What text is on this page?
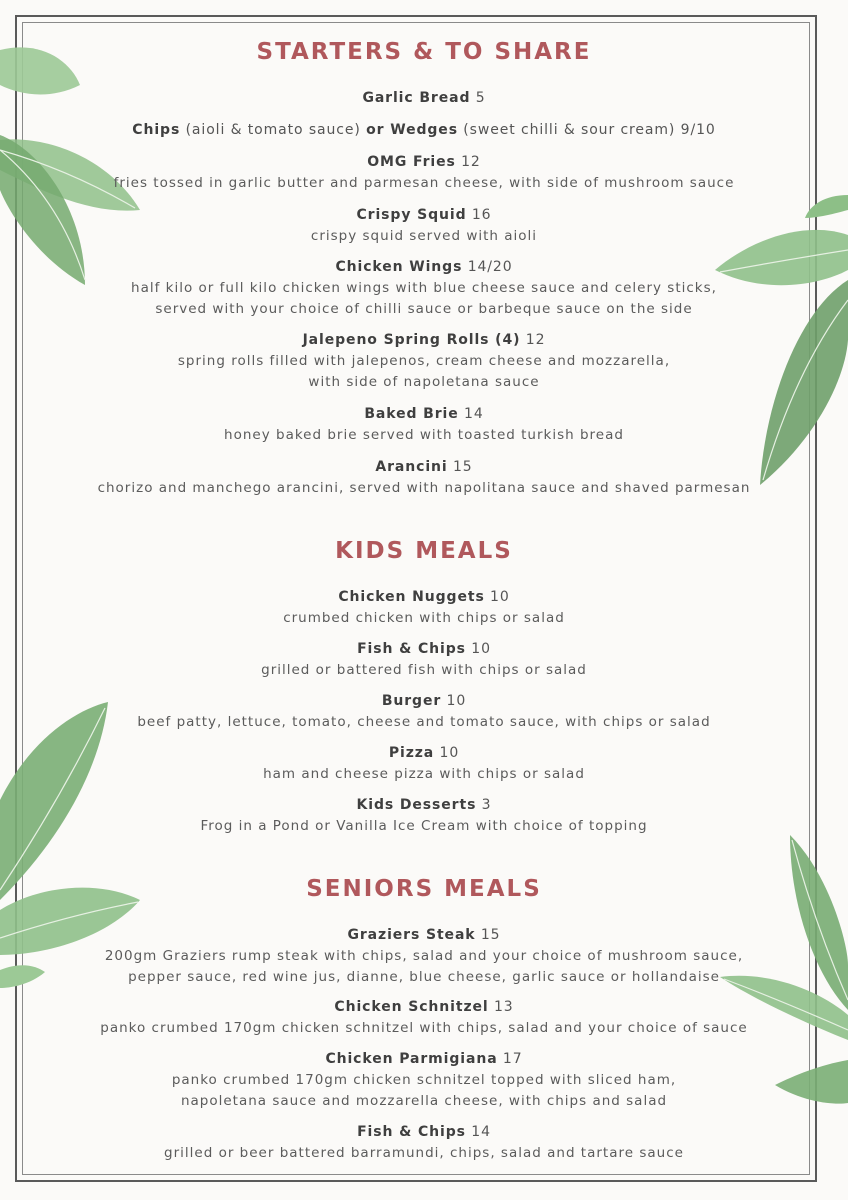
STARTERS & TO SHARE
Garlic Bread 5
Chips (aioli & tomato sauce) or Wedges (sweet chilli & sour cream) 9/10
OMG Fries 12
fries tossed in garlic butter and parmesan cheese, with side of mushroom sauce
Crispy Squid 16
crispy squid served with aioli
Chicken Wings 14/20
half kilo or full kilo chicken wings with blue cheese sauce and celery sticks,
served with your choice of chilli sauce or barbeque sauce on the side
Jalepeno Spring Rolls (4) 12
spring rolls filled with jalepenos, cream cheese and mozzarella,
with side of napoletana sauce
Baked Brie 14
honey baked brie served with toasted turkish bread
Arancini 15
chorizo and manchego arancini, served with napolitana sauce and shaved parmesan
KIDS MEALS
Chicken Nuggets 10
crumbed chicken with chips or salad
Fish & Chips 10
grilled or battered fish with chips or salad
Burger 10
beef patty, lettuce, tomato, cheese and tomato sauce, with chips or salad
Pizza 10
ham and cheese pizza with chips or salad
Kids Desserts 3
Frog in a Pond or Vanilla Ice Cream with choice of topping
SENIORS MEALS
Graziers Steak 15
200gm Graziers rump steak with chips, salad and your choice of mushroom sauce,
pepper sauce, red wine jus, dianne, blue cheese, garlic sauce or hollandaise
Chicken Schnitzel 13
panko crumbed 170gm chicken schnitzel with chips, salad and your choice of sauce
Chicken Parmigiana 17
panko crumbed 170gm chicken schnitzel topped with sliced ham,
napoletana sauce and mozzarella cheese, with chips and salad
Fish & Chips 14
grilled or beer battered barramundi, chips, salad and tartare sauce
